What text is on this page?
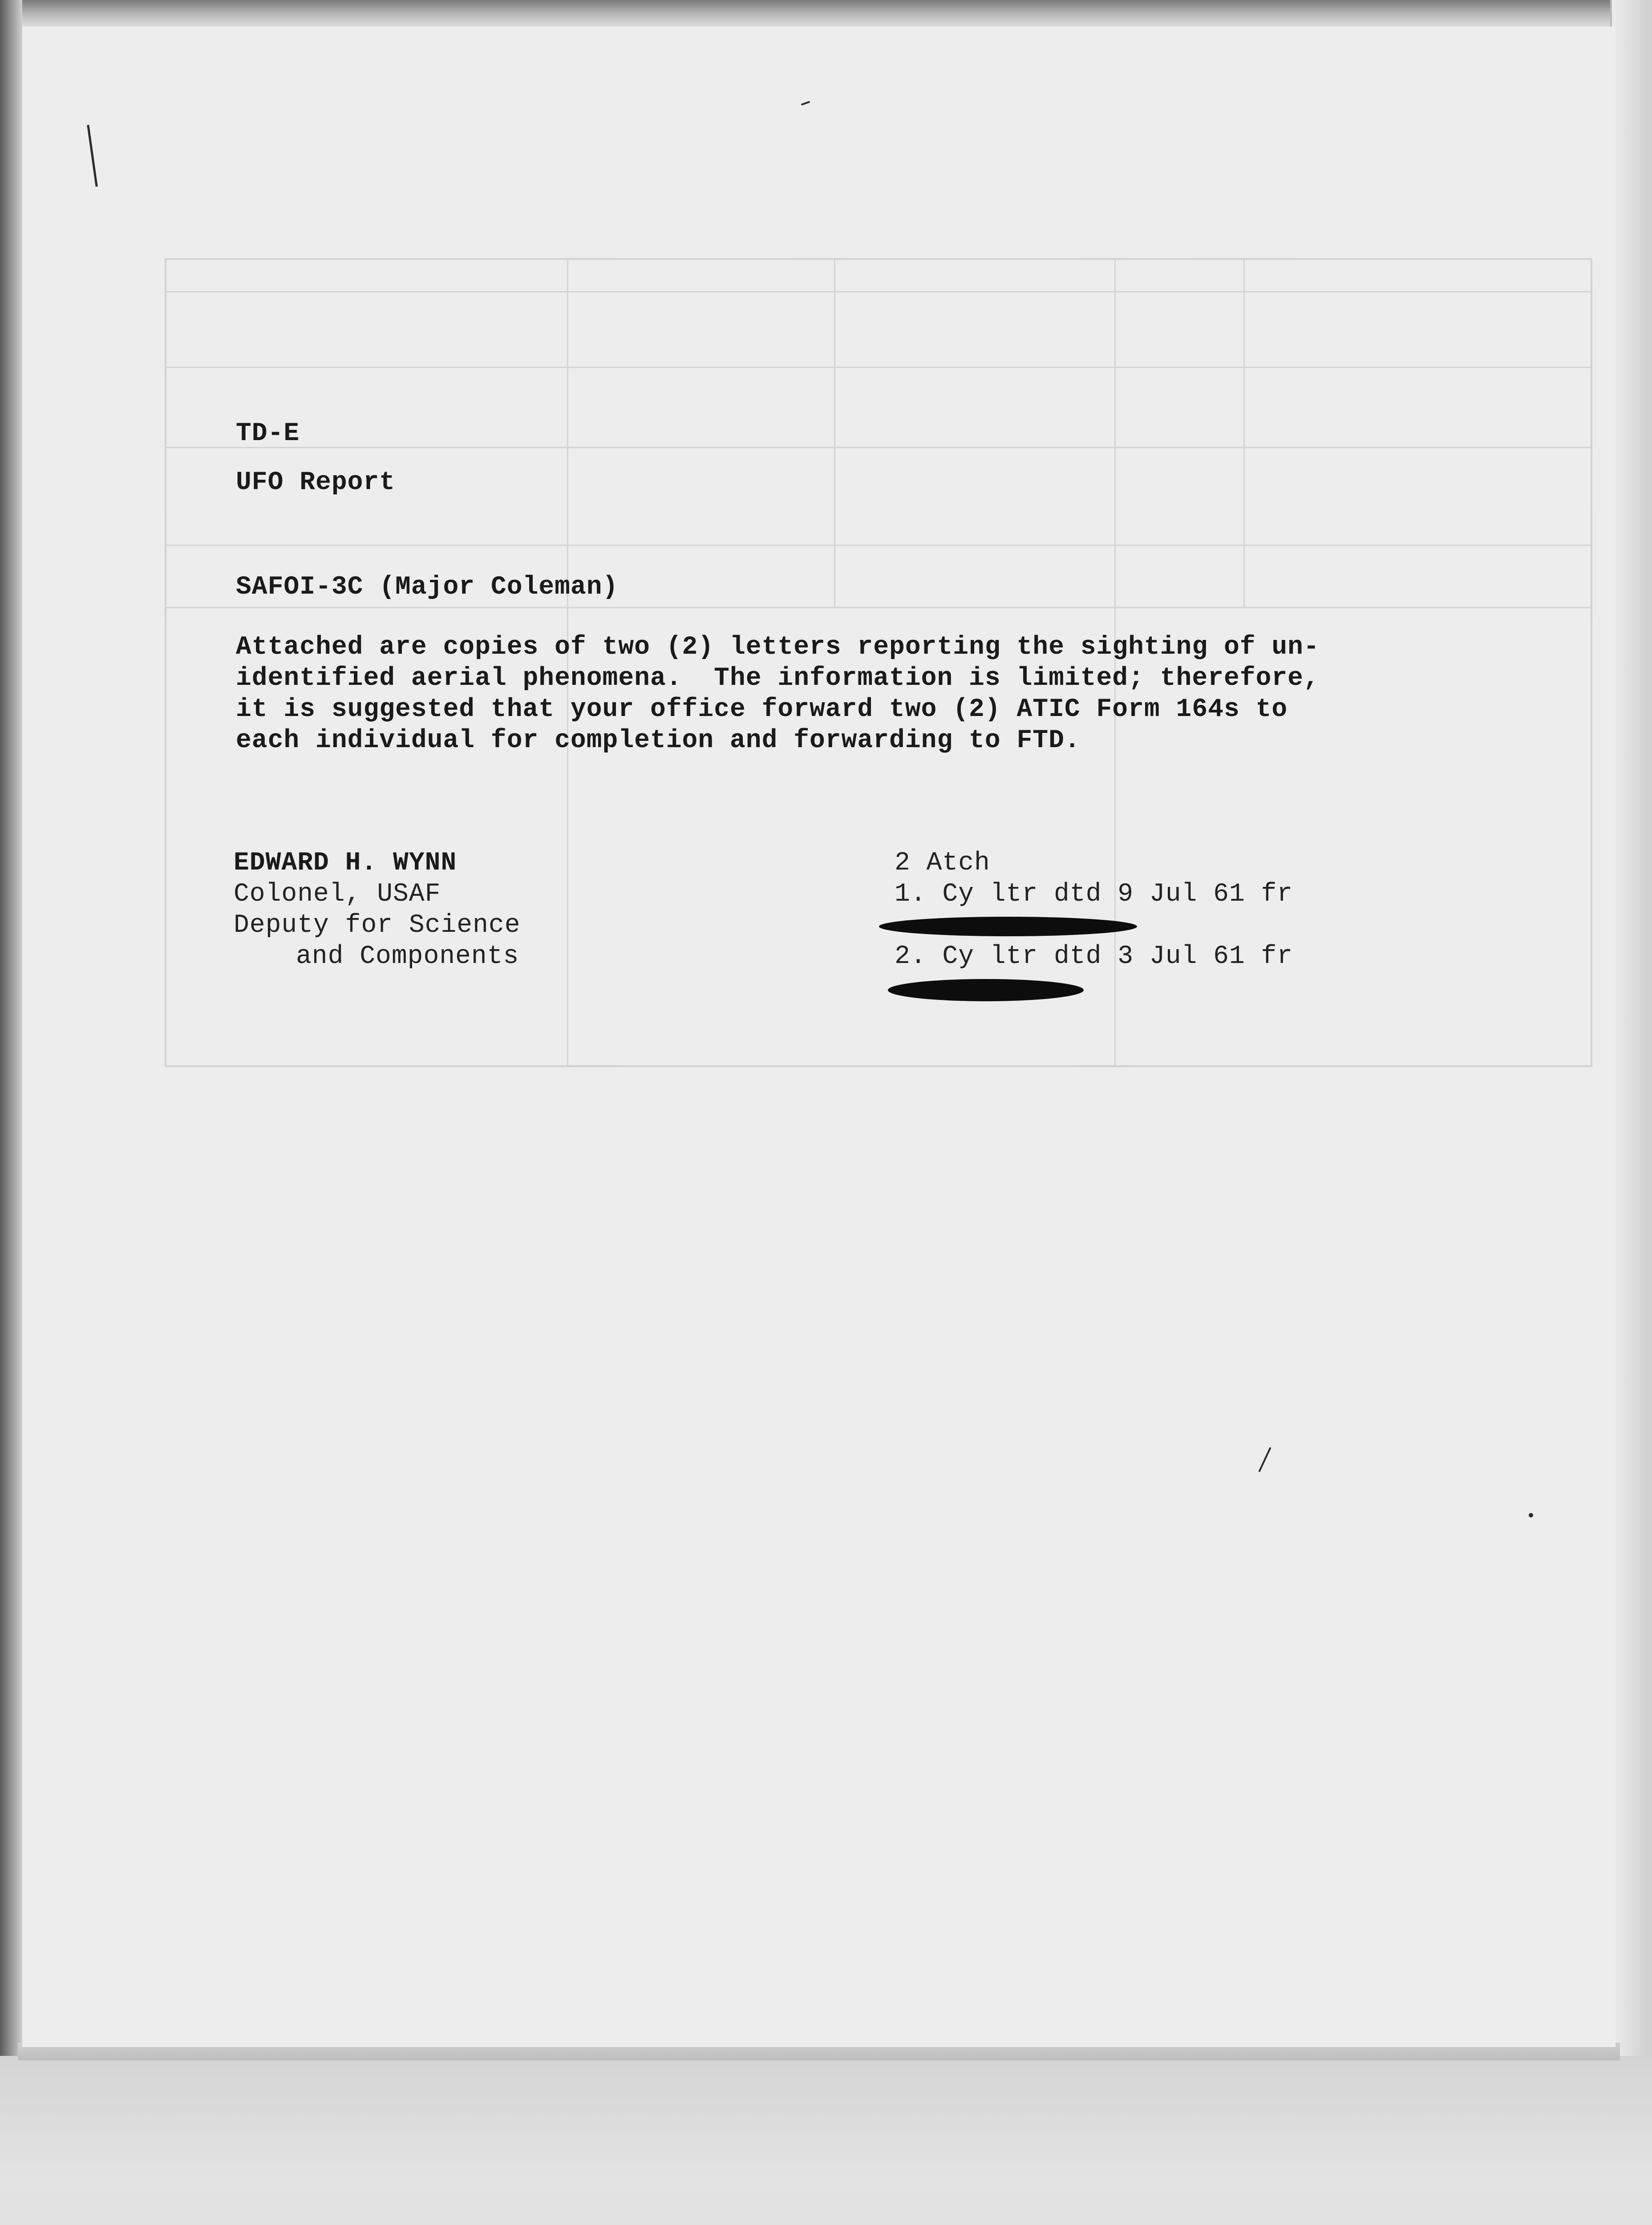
TD-E
UFO Report
SAFOI-3C (Major Coleman)
Attached are copies of two (2) letters reporting the sighting of un-
identified aerial phenomena.  The information is limited; therefore,
it is suggested that your office forward two (2) ATIC Form 164s to
each individual for completion and forwarding to FTD.
EDWARD H. WYNN
Colonel, USAF
Deputy for Science
and Components
2 Atch
1. Cy ltr dtd 9 Jul 61 fr
2. Cy ltr dtd 3 Jul 61 fr
